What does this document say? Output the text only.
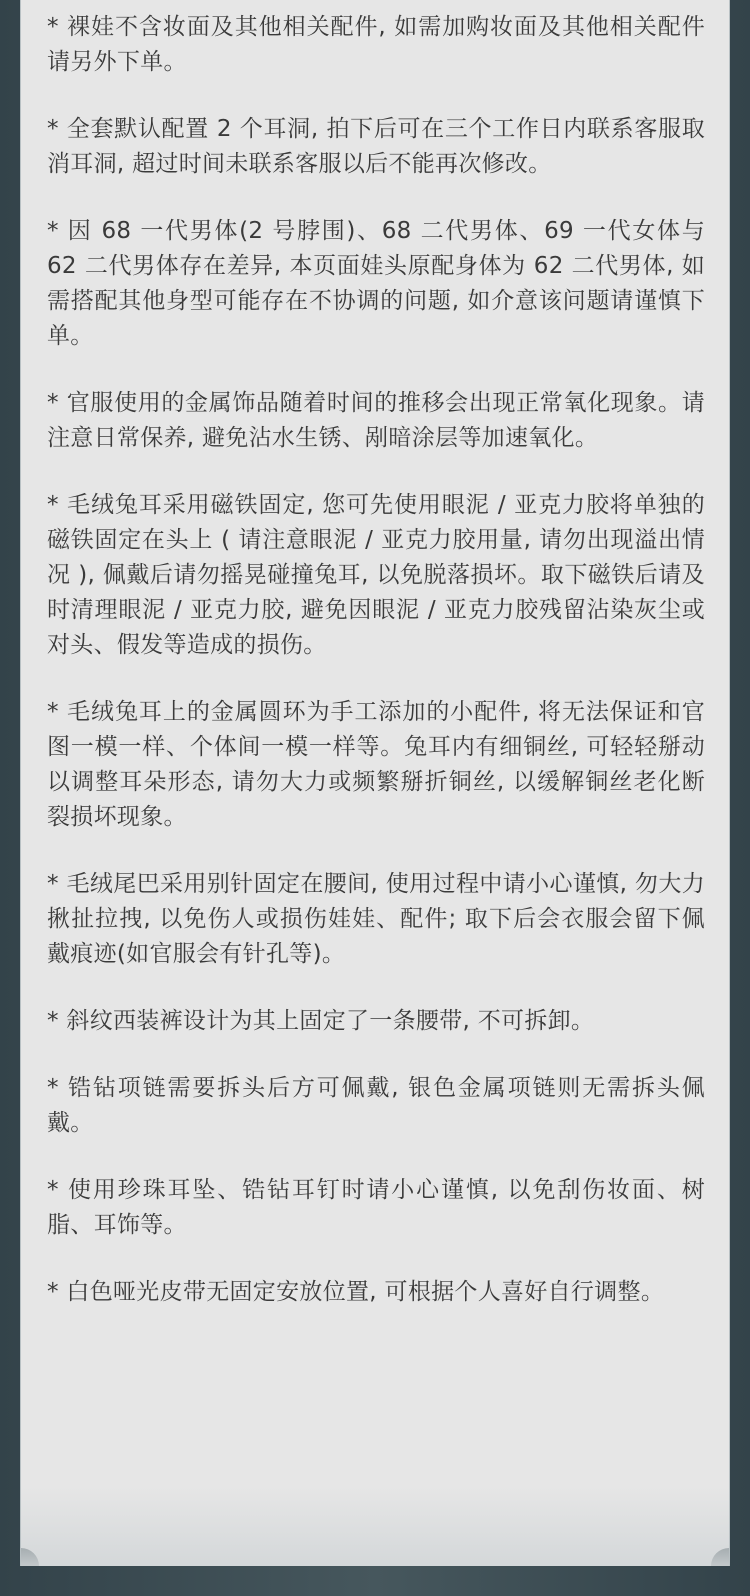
* 裸娃不含妆面及其他相关配件, 如需加购妆面及其他相关配件请另外下单。

* 全套默认配置 2 个耳洞, 拍下后可在三个工作日内联系客服取消耳洞, 超过时间未联系客服以后不能再次修改。

* 因 68 一代男体(2 号脖围)、68 二代男体、69 一代女体与 62 二代男体存在差异, 本页面娃头原配身体为 62 二代男体, 如需搭配其他身型可能存在不协调的问题, 如介意该问题请谨慎下单。

* 官服使用的金属饰品随着时间的推移会出现正常氧化现象。请注意日常保养, 避免沾水生锈、剐暗涂层等加速氧化。

* 毛绒兔耳采用磁铁固定, 您可先使用眼泥 / 亚克力胶将单独的磁铁固定在头上 ( 请注意眼泥 / 亚克力胶用量, 请勿出现溢出情况 ), 佩戴后请勿摇晃碰撞兔耳, 以免脱落损坏。取下磁铁后请及时清理眼泥 / 亚克力胶, 避免因眼泥 / 亚克力胶残留沾染灰尘或对头、假发等造成的损伤。

* 毛绒兔耳上的金属圆环为手工添加的小配件, 将无法保证和官图一模一样、个体间一模一样等。兔耳内有细铜丝, 可轻轻掰动以调整耳朵形态, 请勿大力或频繁掰折铜丝, 以缓解铜丝老化断裂损坏现象。

* 毛绒尾巴采用别针固定在腰间, 使用过程中请小心谨慎, 勿大力揪扯拉拽, 以免伤人或损伤娃娃、配件; 取下后会衣服会留下佩戴痕迹(如官服会有针孔等)。

* 斜纹西装裤设计为其上固定了一条腰带, 不可拆卸。

* 锆钻项链需要拆头后方可佩戴, 银色金属项链则无需拆头佩戴。

* 使用珍珠耳坠、锆钻耳钉时请小心谨慎, 以免刮伤妆面、树脂、耳饰等。

* 白色哑光皮带无固定安放位置, 可根据个人喜好自行调整。
